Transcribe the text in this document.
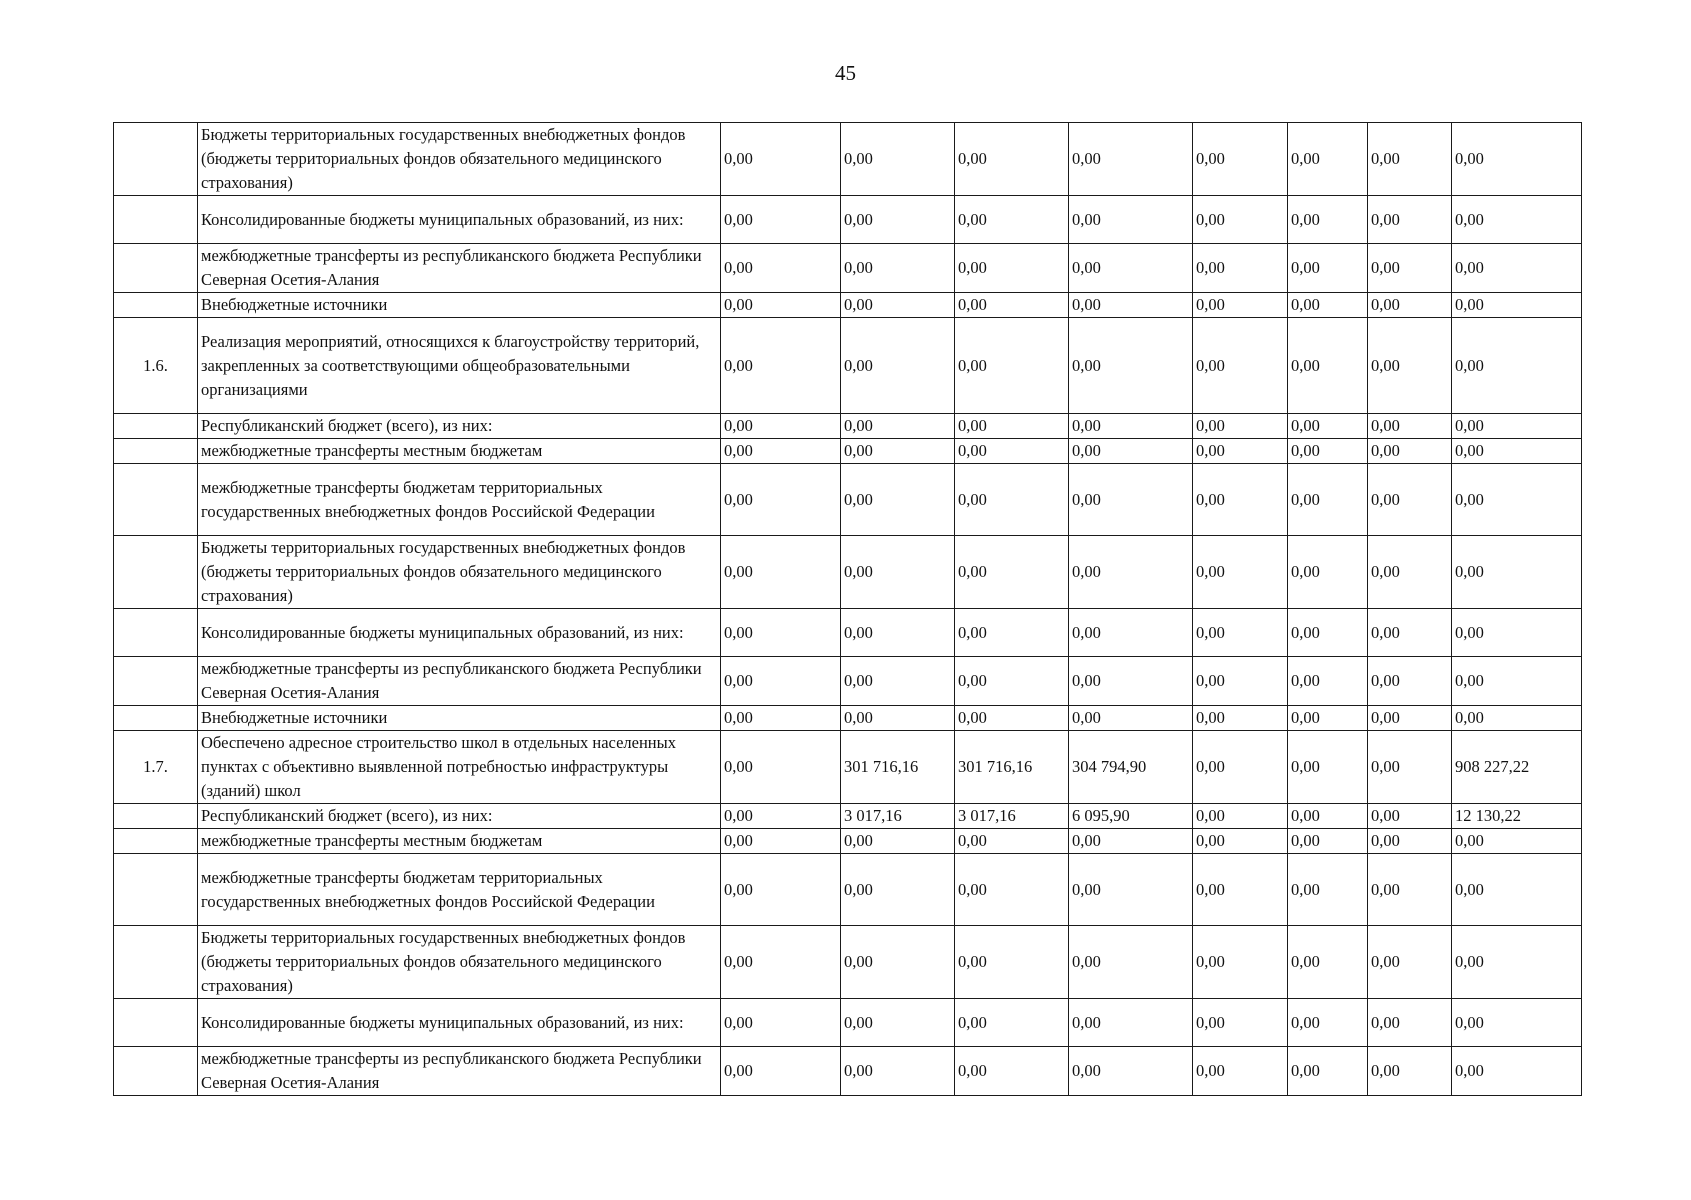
45
	Бюджеты территориальных государственных внебюджетных фондов (бюджеты территориальных фондов обязательного медицинского страхования)	0,00	0,00	0,00	0,00	0,00	0,00	0,00	0,00
	Консолидированные бюджеты муниципальных образований, из них:	0,00	0,00	0,00	0,00	0,00	0,00	0,00	0,00
	межбюджетные трансферты из республиканского бюджета Республики Северная Осетия-Алания	0,00	0,00	0,00	0,00	0,00	0,00	0,00	0,00
	Внебюджетные источники	0,00	0,00	0,00	0,00	0,00	0,00	0,00	0,00
1.6.	Реализация мероприятий, относящихся к благоустройству территорий, закрепленных за соответствующими общеобразовательными организациями	0,00	0,00	0,00	0,00	0,00	0,00	0,00	0,00
	Республиканский бюджет (всего), из них:	0,00	0,00	0,00	0,00	0,00	0,00	0,00	0,00
	межбюджетные трансферты местным бюджетам	0,00	0,00	0,00	0,00	0,00	0,00	0,00	0,00
	межбюджетные трансферты бюджетам территориальных государственных внебюджетных фондов Российской Федерации	0,00	0,00	0,00	0,00	0,00	0,00	0,00	0,00
	Бюджеты территориальных государственных внебюджетных фондов (бюджеты территориальных фондов обязательного медицинского страхования)	0,00	0,00	0,00	0,00	0,00	0,00	0,00	0,00
	Консолидированные бюджеты муниципальных образований, из них:	0,00	0,00	0,00	0,00	0,00	0,00	0,00	0,00
	межбюджетные трансферты из республиканского бюджета Республики Северная Осетия-Алания	0,00	0,00	0,00	0,00	0,00	0,00	0,00	0,00
	Внебюджетные источники	0,00	0,00	0,00	0,00	0,00	0,00	0,00	0,00
1.7.	Обеспечено адресное строительство школ в отдельных населенных пунктах с объективно выявленной потребностью инфраструктуры (зданий) школ	0,00	301 716,16	301 716,16	304 794,90	0,00	0,00	0,00	908 227,22
	Республиканский бюджет (всего), из них:	0,00	3 017,16	3 017,16	6 095,90	0,00	0,00	0,00	12 130,22
	межбюджетные трансферты местным бюджетам	0,00	0,00	0,00	0,00	0,00	0,00	0,00	0,00
	межбюджетные трансферты бюджетам территориальных государственных внебюджетных фондов Российской Федерации	0,00	0,00	0,00	0,00	0,00	0,00	0,00	0,00
	Бюджеты территориальных государственных внебюджетных фондов (бюджеты территориальных фондов обязательного медицинского страхования)	0,00	0,00	0,00	0,00	0,00	0,00	0,00	0,00
	Консолидированные бюджеты муниципальных образований, из них:	0,00	0,00	0,00	0,00	0,00	0,00	0,00	0,00
	межбюджетные трансферты из республиканского бюджета Республики Северная Осетия-Алания	0,00	0,00	0,00	0,00	0,00	0,00	0,00	0,00
